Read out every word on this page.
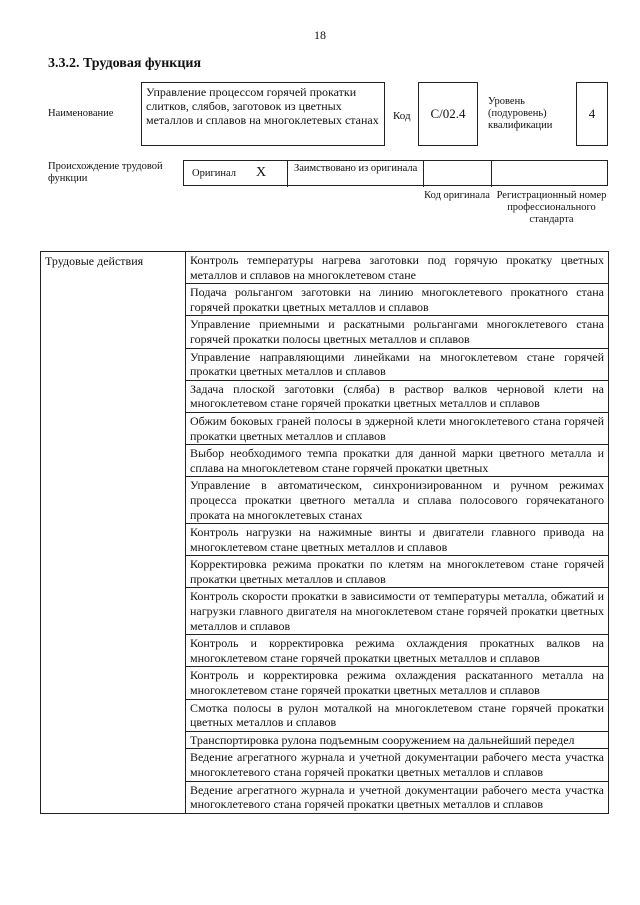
18
3.3.2. Трудовая функция
Наименование
Управление процессом горячей прокатки слитков, слябов, заготовок из цветных металлов и сплавов на многоклетевых станах	Код	С/02.4
Уровень (подуровень) квалификации
4
Происхождение трудовой функции	Оригинал Х	Заимствовано из оригинала
Код оригинала Регистрационный номер профессионального стандарта
Трудовые действия	Контроль температуры нагрева заготовки под горячую прокатку цветных металлов и сплавов на многоклетевом стане
Подача рольгангом заготовки на линию многоклетевого прокатного стана горячей прокатки цветных металлов и сплавов
Управление приемными и раскатными рольгангами многоклетевого стана горячей прокатки полосы цветных металлов и сплавов
Управление направляющими линейками на многоклетевом стане горячей прокатки цветных металлов и сплавов
Задача плоской заготовки (сляба) в раствор валков черновой клети на многоклетевом стане горячей прокатки цветных металлов и сплавов
Обжим боковых граней полосы в эджерной клети многоклетевого стана горячей прокатки цветных металлов и сплавов
Выбор необходимого темпа прокатки для данной марки цветного металла и сплава на многоклетевом стане горячей прокатки цветных
Управление в автоматическом, синхронизированном и ручном режимах процесса прокатки цветного металла и сплава полосового горячекатаного проката на многоклетевых станах
Контроль нагрузки на нажимные винты и двигатели главного привода на многоклетевом стане цветных металлов и сплавов
Корректировка режима прокатки по клетям на многоклетевом стане горячей прокатки цветных металлов и сплавов
Контроль скорости прокатки в зависимости от температуры металла, обжатий и нагрузки главного двигателя на многоклетевом стане горячей прокатки цветных металлов и сплавов
Контроль и корректировка режима охлаждения прокатных валков на многоклетевом стане горячей прокатки цветных металлов и сплавов
Контроль и корректировка режима охлаждения раскатанного металла на многоклетевом стане горячей прокатки цветных металлов и сплавов
Смотка полосы в рулон моталкой на многоклетевом стане горячей прокатки цветных металлов и сплавов
Транспортировка рулона подъемным сооружением на дальнейший передел
Ведение агрегатного журнала и учетной документации рабочего места участка многоклетевого стана горячей прокатки цветных металлов и сплавов
Ведение агрегатного журнала и учетной документации рабочего места участка многоклетевого стана горячей прокатки цветных металлов и сплавов
